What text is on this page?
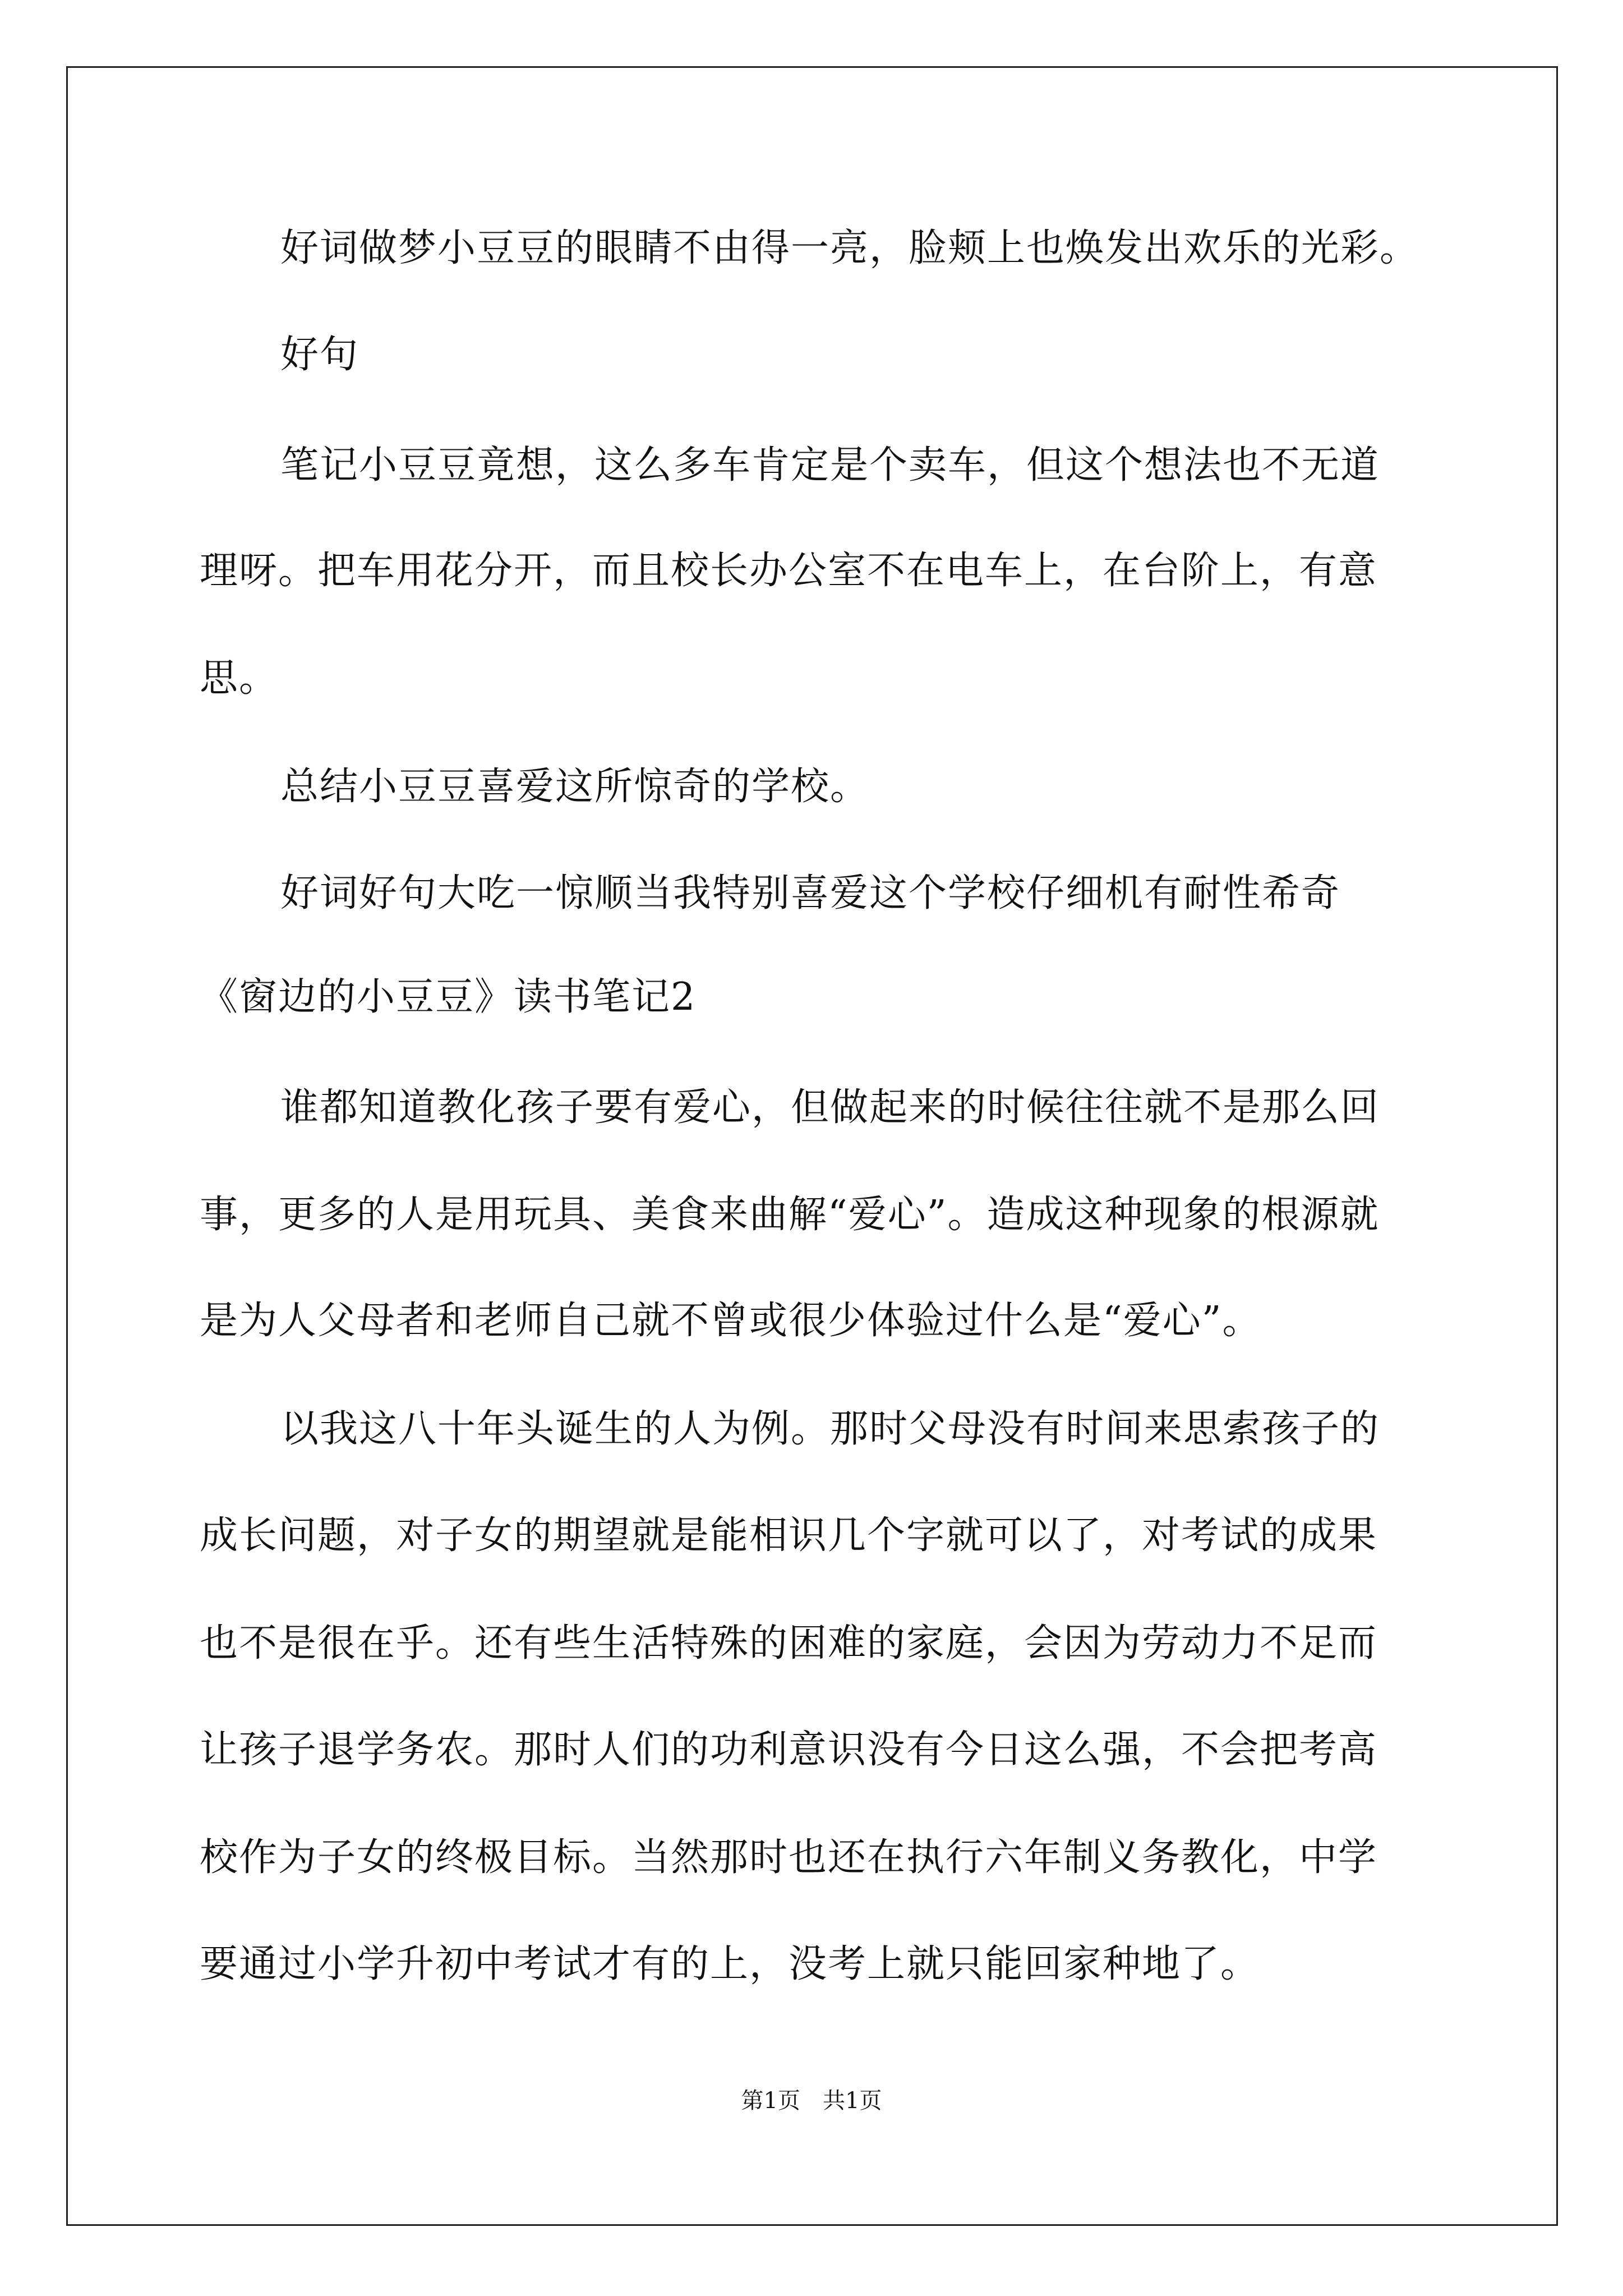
好词做梦小豆豆的眼睛不由得一亮，脸颊上也焕发出欢乐的光彩。
好句
笔记小豆豆竟想，这么多车肯定是个卖车，但这个想法也不无道
理呀。把车用花分开，而且校长办公室不在电车上，在台阶上，有意
思。
总结小豆豆喜爱这所惊奇的学校。
好词好句大吃一惊顺当我特别喜爱这个学校仔细机有耐性希奇
《窗边的小豆豆》读书笔记2
谁都知道教化孩子要有爱心，但做起来的时候往往就不是那么回
事，更多的人是用玩具、美食来曲解“爱心”。造成这种现象的根源就
是为人父母者和老师自己就不曾或很少体验过什么是“爱心”。
以我这八十年头诞生的人为例。那时父母没有时间来思索孩子的
成长问题，对子女的期望就是能相识几个字就可以了，对考试的成果
也不是很在乎。还有些生活特殊的困难的家庭，会因为劳动力不足而
让孩子退学务农。那时人们的功利意识没有今日这么强，不会把考高
校作为子女的终极目标。当然那时也还在执行六年制义务教化，中学
要通过小学升初中考试才有的上，没考上就只能回家种地了。
第1页　共1页
